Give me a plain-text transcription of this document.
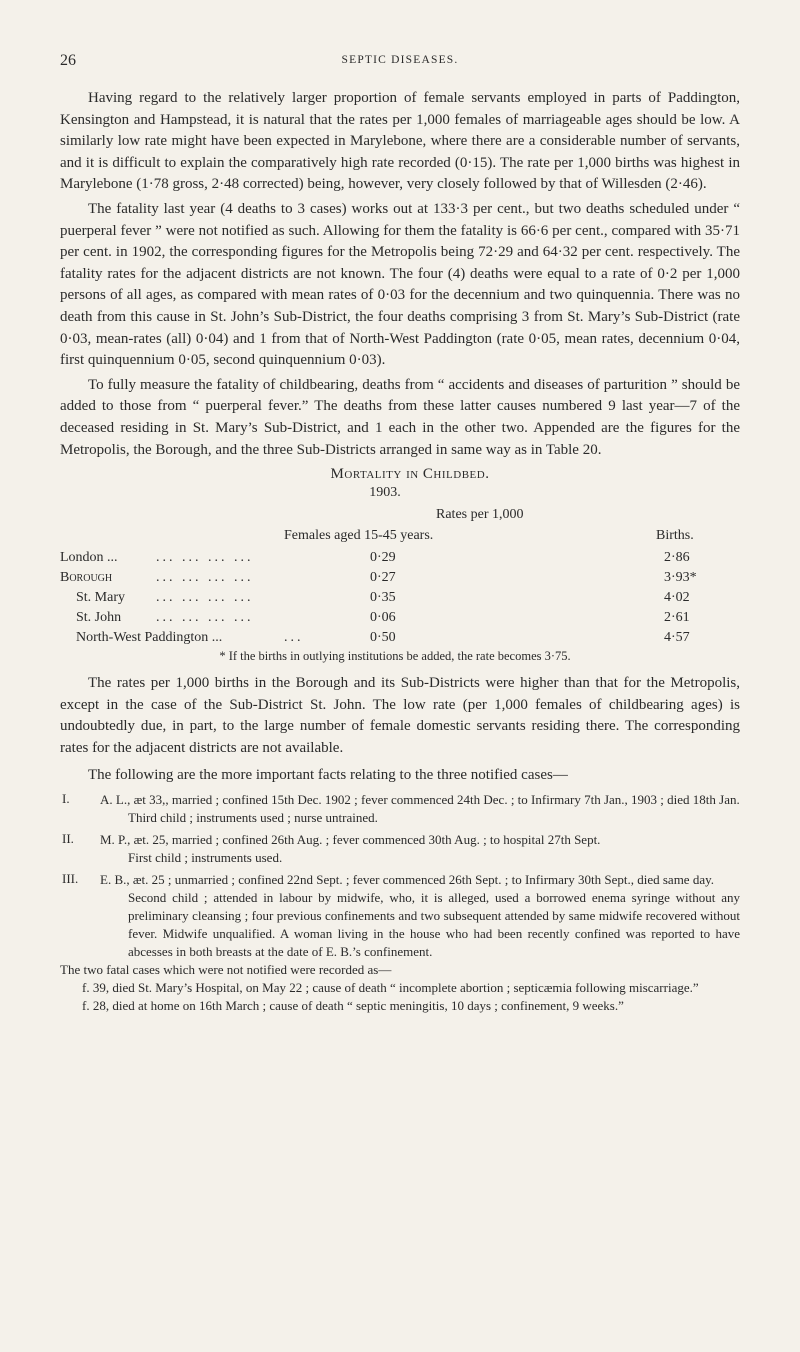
26	SEPTIC DISEASES.

Having regard to the relatively larger proportion of female servants employed in parts of Paddington, Kensington and Hampstead, it is natural that the rates per 1,000 females of marriageable ages should be low. A similarly low rate might have been expected in Marylebone, where there are a considerable number of servants, and it is difficult to explain the comparatively high rate recorded (0·15). The rate per 1,000 births was highest in Marylebone (1·78 gross, 2·48 corrected) being, however, very closely followed by that of Willesden (2·46).

The fatality last year (4 deaths to 3 cases) works out at 133·3 per cent., but two deaths scheduled under “ puerperal fever ” were not notified as such. Allowing for them the fatality is 66·6 per cent., compared with 35·71 per cent. in 1902, the corresponding figures for the Metropolis being 72·29 and 64·32 per cent. respectively. The fatality rates for the adjacent districts are not known. The four (4) deaths were equal to a rate of 0·2 per 1,000 persons of all ages, as compared with mean rates of 0·03 for the decennium and two quinquennia. There was no death from this cause in St. John’s Sub-District, the four deaths comprising 3 from St. Mary’s Sub-District (rate 0·03, mean-rates (all) 0·04) and 1 from that of North-West Paddington (rate 0·05, mean rates, decennium 0·04, first quinquennium 0·05, second quinquennium 0·03).

To fully measure the fatality of childbearing, deaths from “ accidents and diseases of parturition ” should be added to those from “ puerperal fever.” The deaths from these latter causes numbered 9 last year—7 of the deceased residing in St. Mary’s Sub-District, and 1 each in the other two. Appended are the figures for the Metropolis, the Borough, and the three Sub-Districts arranged in same way as in Table 20.

Mortality in Childbed.
1903.
Rates per 1,000
Females aged 15-45 years.	Births.
London ...	... ... ... ...	0·29	2·86
Borough	... ... ... ...	0·27	3·93*
St. Mary ... ... ... ...	0·35	4·02
St. John ... ... ... ...	0·06	2·61
North-West Paddington ...	...	0·50	4·57
* If the births in outlying institutions be added, the rate becomes 3·75.

The rates per 1,000 births in the Borough and its Sub-Districts were higher than that for the Metropolis, except in the case of the Sub-District St. John. The low rate (per 1,000 females of childbearing ages) is undoubtedly due, in part, to the large number of female domestic servants residing there. The corresponding rates for the adjacent districts are not available.

The following are the more important facts relating to the three notified cases—

I. A. L., æt 33,, married ; confined 15th Dec. 1902 ; fever commenced 24th Dec. ; to Infirmary 7th Jan., 1903 ; died 18th Jan.

Third child ; instruments used ; nurse untrained.

II. M. P., æt. 25, married ; confined 26th Aug. ; fever commenced 30th Aug. ; to hospital 27th Sept.

First child ; instruments used.

III. E. B., æt. 25 ; unmarried ; confined 22nd Sept. ; fever commenced 26th Sept. ; to Infirmary 30th Sept., died same day.

Second child ; attended in labour by midwife, who, it is alleged, used a borrowed enema syringe without any preliminary cleansing ; four previous confinements and two subsequent attended by same midwife recovered without fever. Midwife unqualified. A woman living in the house who had been recently confined was reported to have abcesses in both breasts at the date of E. B.’s confinement.

The two fatal cases which were not notified were recorded as—

f. 39, died St. Mary’s Hospital, on May 22 ; cause of death “ incomplete abortion ; septicæmia following miscarriage.”

f. 28, died at home on 16th March ; cause of death “ septic meningitis, 10 days ; confinement, 9 weeks.”
